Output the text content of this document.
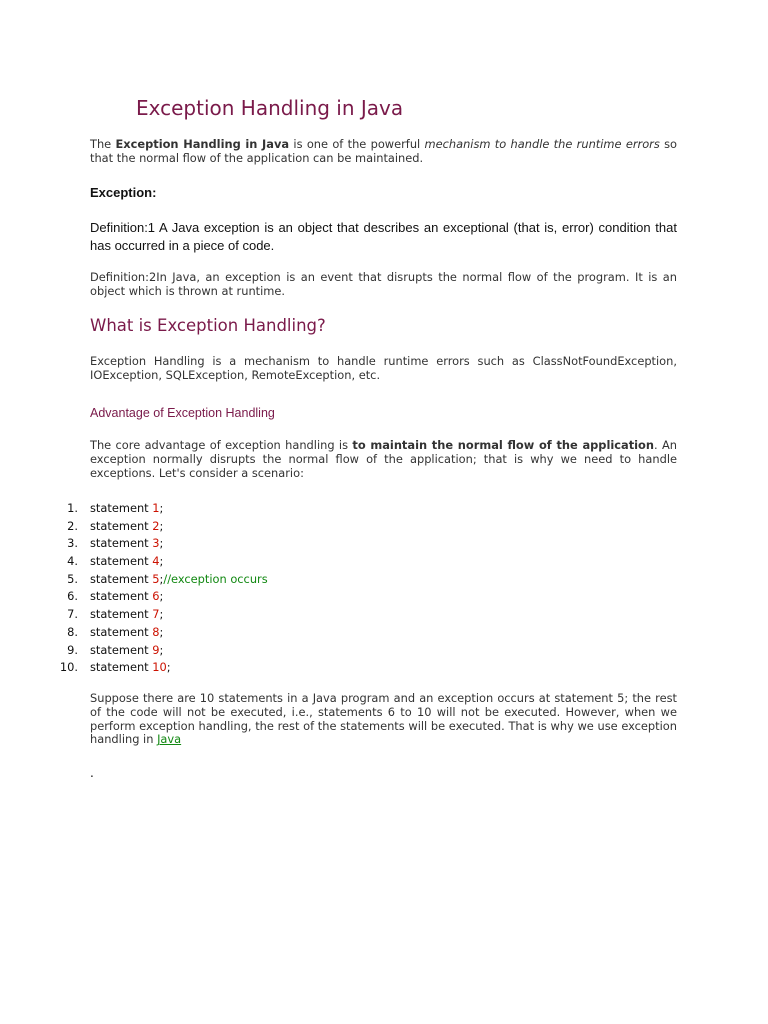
Exception Handling in Java

The Exception Handling in Java is one of the powerful mechanism to handle the runtime errors so that the normal flow of the application can be maintained.

Exception:

Definition:1 A Java exception is an object that describes an exceptional (that is, error) condition that has occurred in a piece of code.

Definition:2In Java, an exception is an event that disrupts the normal flow of the program. It is an object which is thrown at runtime.

What is Exception Handling?

Exception Handling is a mechanism to handle runtime errors such as ClassNotFoundException, IOException, SQLException, RemoteException, etc.

Advantage of Exception Handling

The core advantage of exception handling is to maintain the normal flow of the application. An exception normally disrupts the normal flow of the application; that is why we need to handle exceptions. Let's consider a scenario:

1. statement 1;
2. statement 2;
3. statement 3;
4. statement 4;
5. statement 5;//exception occurs
6. statement 6;
7. statement 7;
8. statement 8;
9. statement 9;
10. statement 10;

Suppose there are 10 statements in a Java program and an exception occurs at statement 5; the rest of the code will not be executed, i.e., statements 6 to 10 will not be executed. However, when we perform exception handling, the rest of the statements will be executed. That is why we use exception handling in Java

.
